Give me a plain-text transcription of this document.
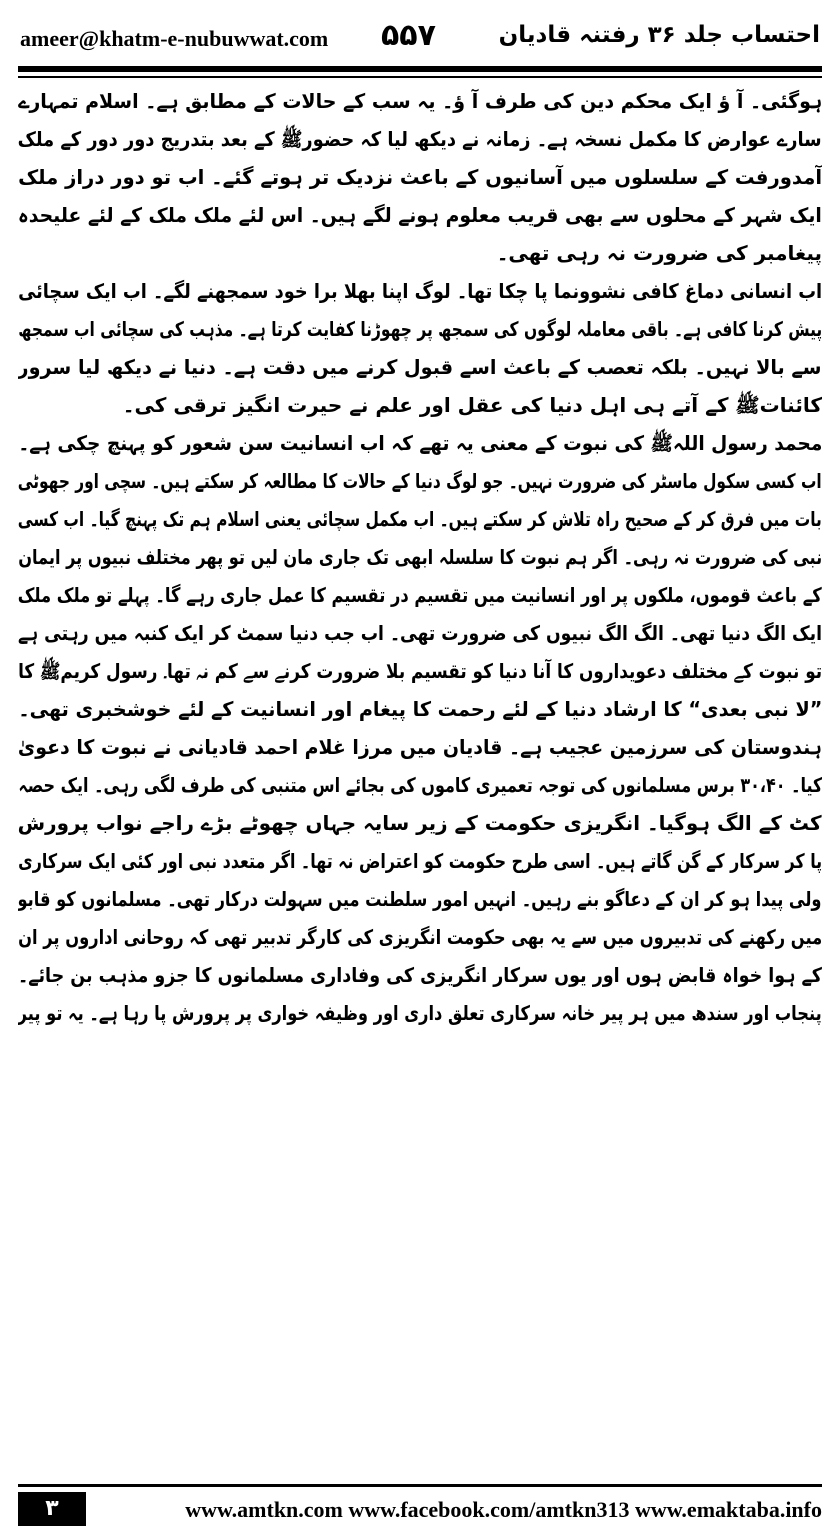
ameer@khatm-e-nubuwwat.com ۵۵۷	احتساب جلد ۳۶ رفتنہ قادیان
ہوگئی۔ آ ؤ ایک محکم دین کی طرف آ ؤ۔ یہ سب کے حالات کے مطابق ہے۔ اسلام تمہارے
سارے عوارض کا مکمل نسخہ ہے۔ زمانہ نے دیکھ لیا کہ حضورﷺ کے بعد بتدریج دور دور کے ملک
آمدورفت کے سلسلوں میں آسانیوں کے باعث نزدیک تر ہوتے گئے۔ اب تو دور دراز ملک
ایک شہر کے محلوں سے بھی قریب معلوم ہونے لگے ہیں۔ اس لئے ملک ملک کے لئے علیحدہ
پیغامبر کی ضرورت نہ رہی تھی۔
اب انسانی دماغ کافی نشوونما پا چکا تھا۔ لوگ اپنا بھلا برا خود سمجھنے لگے۔ اب ایک سچائی
پیش کرنا کافی ہے۔ باقی معاملہ لوگوں کی سمجھ پر چھوڑنا کفایت کرتا ہے۔ مذہب کی سچائی اب سمجھ
سے بالا نہیں۔ بلکہ تعصب کے باعث اسے قبول کرنے میں دقت ہے۔ دنیا نے دیکھ لیا سرور
کائناتﷺ کے آتے ہی اہل دنیا کی عقل اور علم نے حیرت انگیز ترقی کی۔
محمد رسول اللہﷺ کی نبوت کے معنی یہ تھے کہ اب انسانیت سن شعور کو پہنچ چکی ہے۔
اب کسی سکول ماسٹر کی ضرورت نہیں۔ جو لوگ دنیا کے حالات کا مطالعہ کر سکتے ہیں۔ سچی اور جھوٹی
بات میں فرق کر کے صحیح راہ تلاش کر سکتے ہیں۔ اب مکمل سچائی یعنی اسلام ہم تک پہنچ گیا۔ اب کسی
نبی کی ضرورت نہ رہی۔ اگر ہم نبوت کا سلسلہ ابھی تک جاری مان لیں تو پھر مختلف نبیوں پر ایمان
کے باعث قوموں، ملکوں پر اور انسانیت میں تقسیم در تقسیم کا عمل جاری رہے گا۔ پہلے تو ملک ملک
ایک الگ دنیا تھی۔ الگ الگ نبیوں کی ضرورت تھی۔ اب جب دنیا سمٹ کر ایک کنبہ میں رہتی ہے
تو نبوت کے مختلف دعویداروں کا آنا دنیا کو تقسیم بلا ضرورت کرنے سے کم نہ تھا۔ رسول کریمﷺ کا
”لا نبی بعدی“ کا ارشاد دنیا کے لئے رحمت کا پیغام اور انسانیت کے لئے خوشخبری تھی۔
ہندوستان کی سرزمین عجیب ہے۔ قادیان میں مرزا غلام احمد قادیانی نے نبوت کا دعویٰ
کیا۔ ۳۰،۴۰ برس مسلمانوں کی توجہ تعمیری کاموں کی بجائے اس متنبی کی طرف لگی رہی۔ ایک حصہ
کٹ کے الگ ہوگیا۔ انگریزی حکومت کے زیر سایہ جہاں چھوٹے بڑے راجے نواب پرورش
پا کر سرکار کے گن گاتے ہیں۔ اسی طرح حکومت کو اعتراض نہ تھا۔ اگر متعدد نبی اور کئی ایک سرکاری
ولی پیدا ہو کر ان کے دعاگو بنے رہیں۔ انہیں امور سلطنت میں سہولت درکار تھی۔ مسلمانوں کو قابو
میں رکھنے کی تدبیروں میں سے یہ بھی حکومت انگریزی کی کارگر تدبیر تھی کہ روحانی اداروں پر ان
کے ہوا خواہ قابض ہوں اور یوں سرکار انگریزی کی وفاداری مسلمانوں کا جزو مذہب بن جائے۔
پنجاب اور سندھ میں ہر پیر خانہ سرکاری تعلق داری اور وظیفہ خواری پر پرورش پا رہا ہے۔ یہ تو پیر
۳	www.amtkn.com www.facebook.com/amtkn313 www.emaktaba.info
